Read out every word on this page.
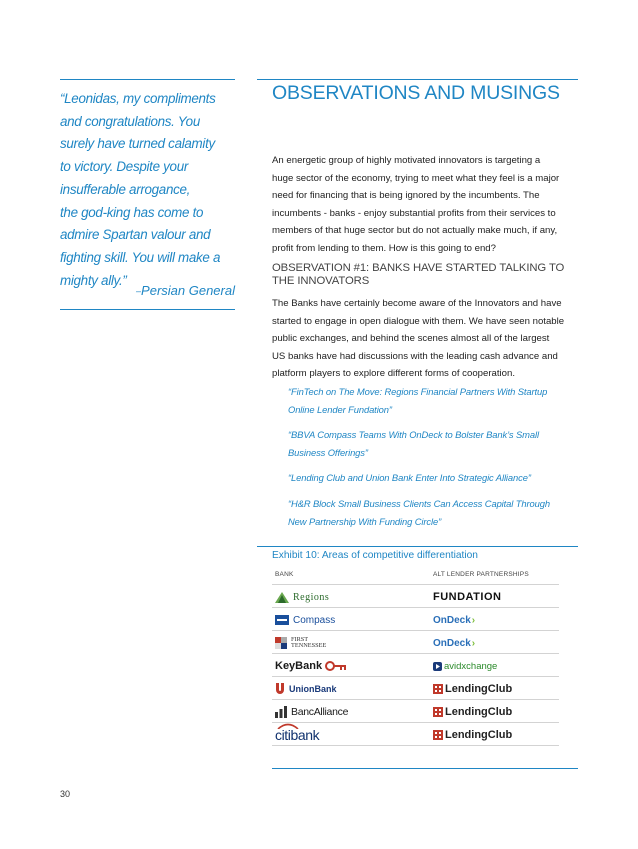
“Leonidas, my compliments
and congratulations. You
surely have turned calamity
to victory. Despite your
insufferable arrogance,
the god-king has come to
admire Spartan valour and
fighting skill. You will make a
mighty ally.”

–Persian General
OBSERVATIONS AND MUSINGS

An energetic group of highly motivated innovators is targeting a
huge sector of the economy, trying to meet what they feel is a major
need for financing that is being ignored by the incumbents. The
incumbents - banks - enjoy substantial profits from their services to
members of that huge sector but do not actually make much, if any,
profit from lending to them. How is this going to end?

OBSERVATION #1: BANKS HAVE STARTED TALKING TO
THE INNOVATORS

The Banks have certainly become aware of the Innovators and have
started to engage in open dialogue with them. We have seen notable
public exchanges, and behind the scenes almost all of the largest
US banks have had discussions with the leading cash advance and
platform players to explore different forms of cooperation.

“FinTech on The Move: Regions Financial Partners With Startup
Online Lender Fundation”
“BBVA Compass Teams With OnDeck to Bolster Bank’s Small
Business Offerings”
“Lending Club and Union Bank Enter Into Strategic Alliance”
“H&R Block Small Business Clients Can Access Capital Through
New Partnership With Funding Circle”
Exhibit 10: Areas of competitive differentiation
BANK	ALT LENDER PARTNERSHIPS
Regions	FUNDATION
Compass	OnDeck ›
FIRST
TENNESSEE	OnDeck ›
KeyBank	avidxchange
UnionBank	LendingClub
BancAlliance	LendingClub
citibank	LendingClub
30
